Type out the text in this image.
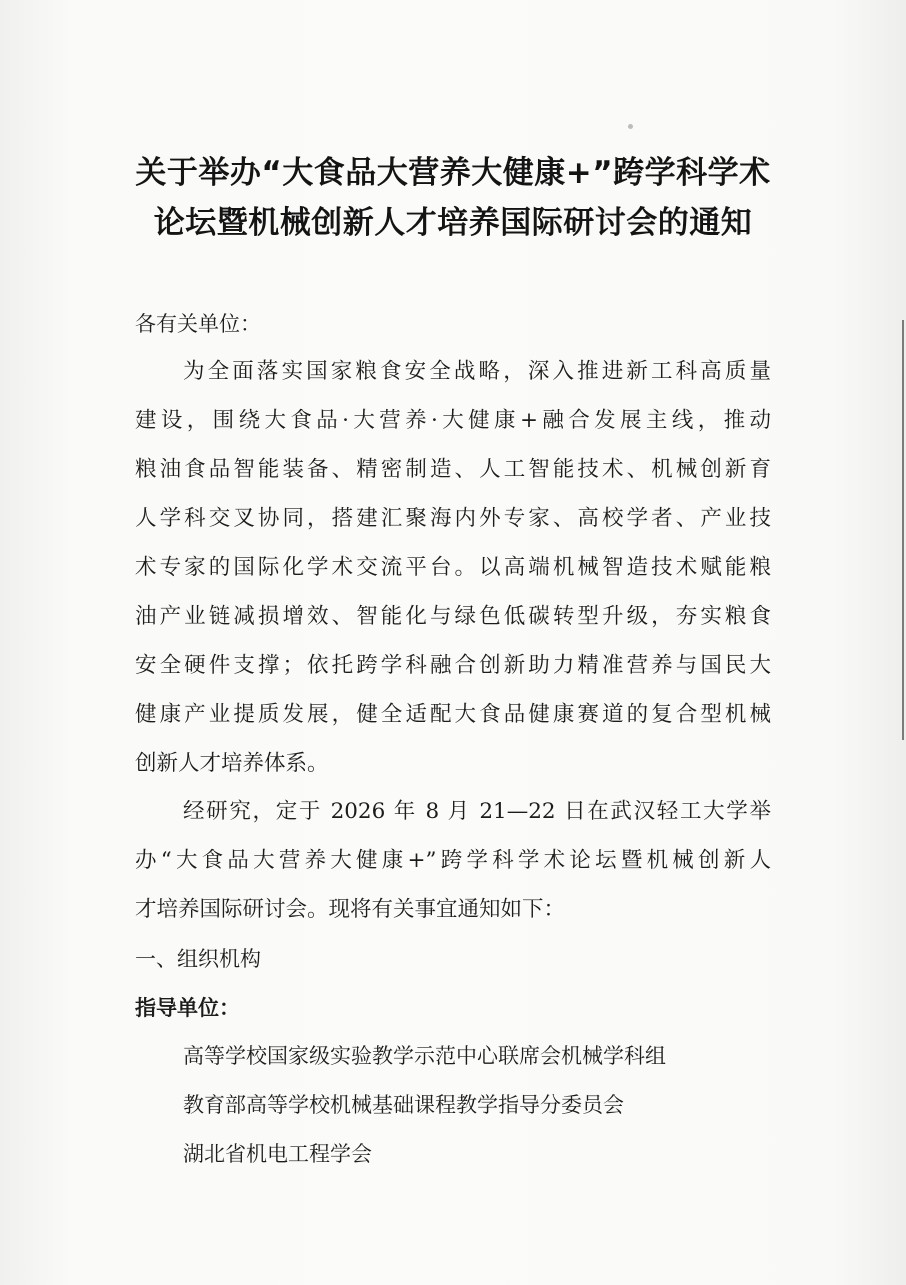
关于举办“大食品大营养大健康+”跨学科学术
论坛暨机械创新人才培养国际研讨会的通知

各有关单位：

为全面落实国家粮食安全战略，深入推进新工科高质量

建设，围绕大食品·大营养·大健康+融合发展主线，推动

粮油食品智能装备、精密制造、人工智能技术、机械创新育

人学科交叉协同，搭建汇聚海内外专家、高校学者、产业技

术专家的国际化学术交流平台。以高端机械智造技术赋能粮

油产业链减损增效、智能化与绿色低碳转型升级，夯实粮食

安全硬件支撑；依托跨学科融合创新助力精准营养与国民大

健康产业提质发展，健全适配大食品健康赛道的复合型机械

创新人才培养体系。

经研究，定于 2026 年 8 月 21—22 日在武汉轻工大学举

办“大食品大营养大健康+”跨学科学术论坛暨机械创新人

才培养国际研讨会。现将有关事宜通知如下：

一、组织机构

指导单位：

高等学校国家级实验教学示范中心联席会机械学科组

教育部高等学校机械基础课程教学指导分委员会

湖北省机电工程学会
